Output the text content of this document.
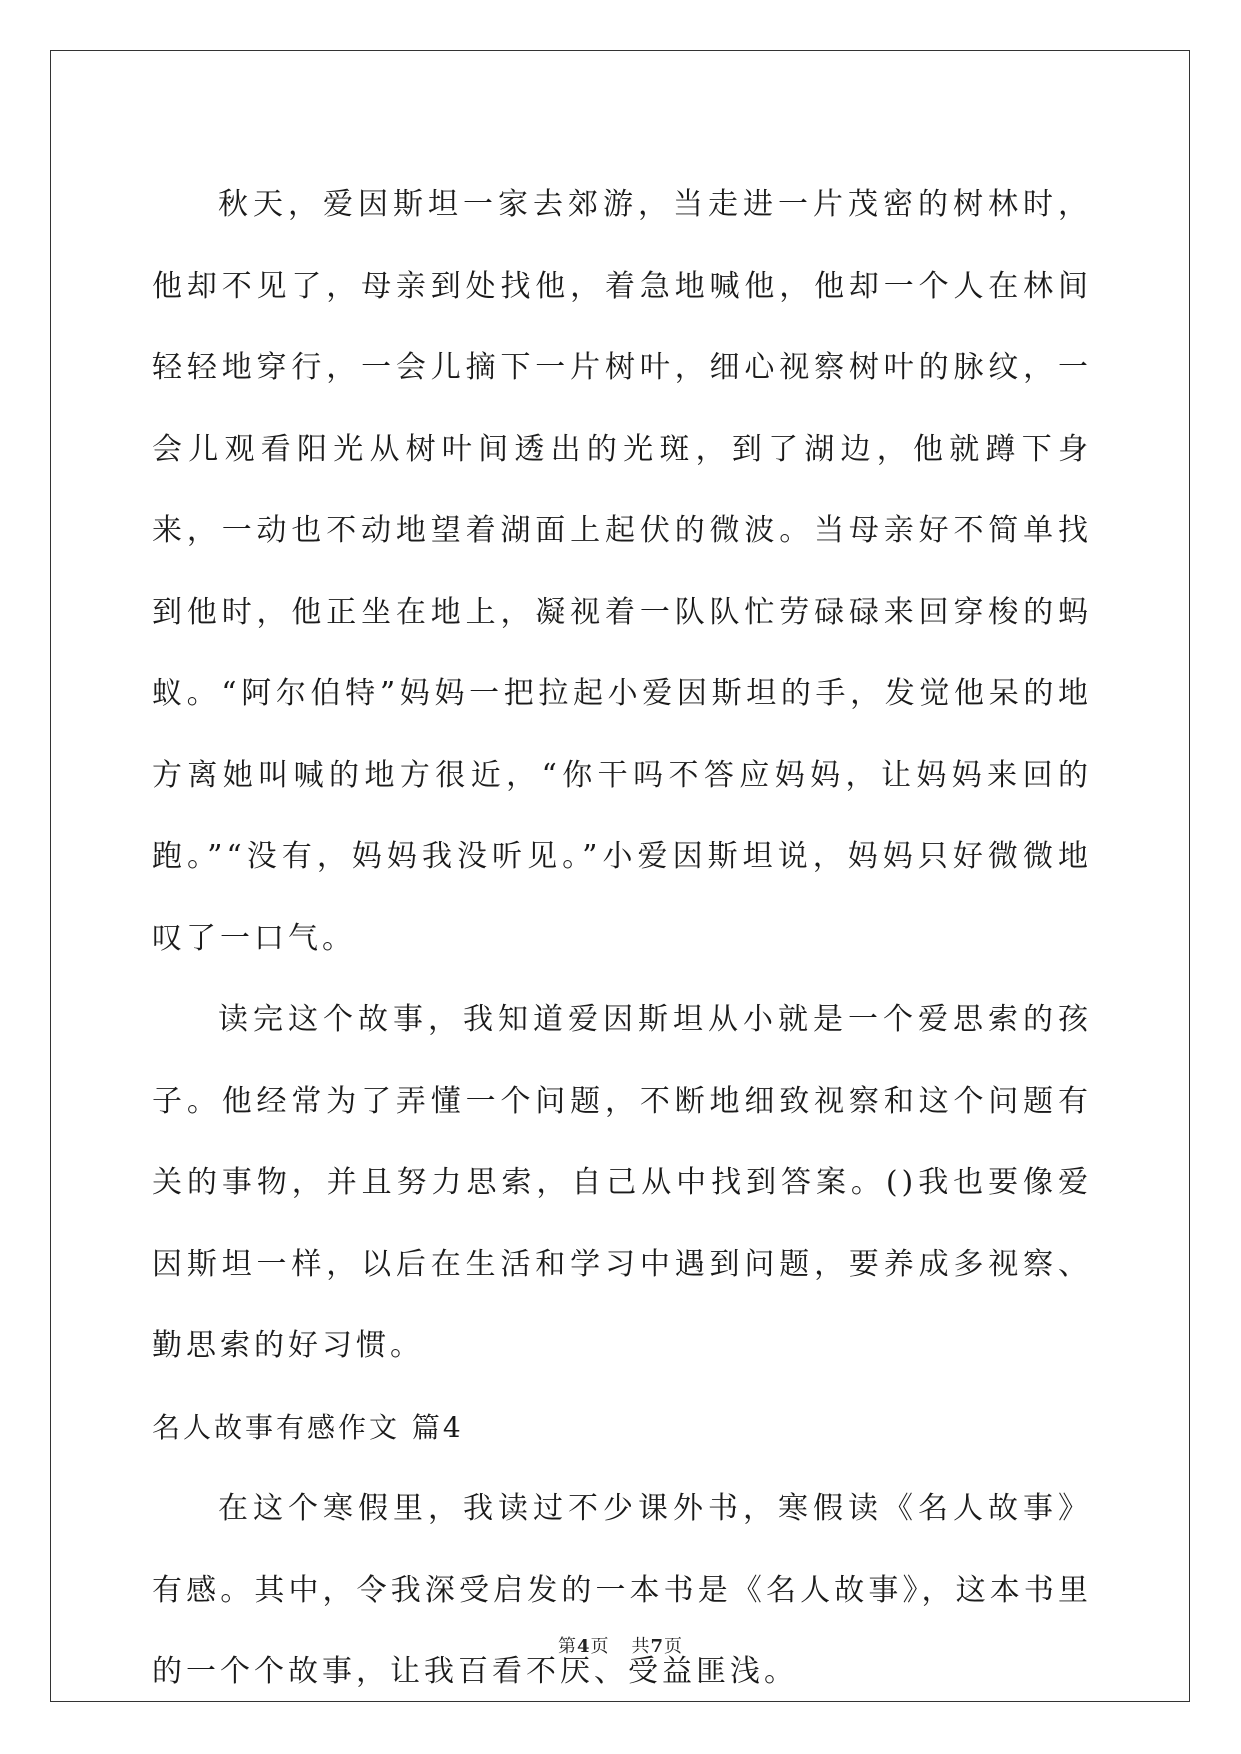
秋天，爱因斯坦一家去郊游，当走进一片茂密的树林时，他却不见了，母亲到处找他，着急地喊他，他却一个人在林间轻轻地穿行，一会儿摘下一片树叶，细心视察树叶的脉纹，一会儿观看阳光从树叶间透出的光斑，到了湖边，他就蹲下身来，一动也不动地望着湖面上起伏的微波。当母亲好不简单找到他时，他正坐在地上，凝视着一队队忙劳碌碌来回穿梭的蚂蚁。“阿尔伯特”妈妈一把拉起小爱因斯坦的手，发觉他呆的地方离她叫喊的地方很近，“你干吗不答应妈妈，让妈妈来回的跑。”“没有，妈妈我没听见。”小爱因斯坦说，妈妈只好微微地叹了一口气。

读完这个故事，我知道爱因斯坦从小就是一个爱思索的孩子。他经常为了弄懂一个问题，不断地细致视察和这个问题有关的事物，并且努力思索，自己从中找到答案。()我也要像爱因斯坦一样，以后在生活和学习中遇到问题，要养成多视察、勤思索的好习惯。

名人故事有感作文 篇4

在这个寒假里，我读过不少课外书，寒假读《名人故事》有感。其中，令我深受启发的一本书是《名人故事》，这本书里的一个个故事，让我百看不厌、受益匪浅。

第4页 共7页
